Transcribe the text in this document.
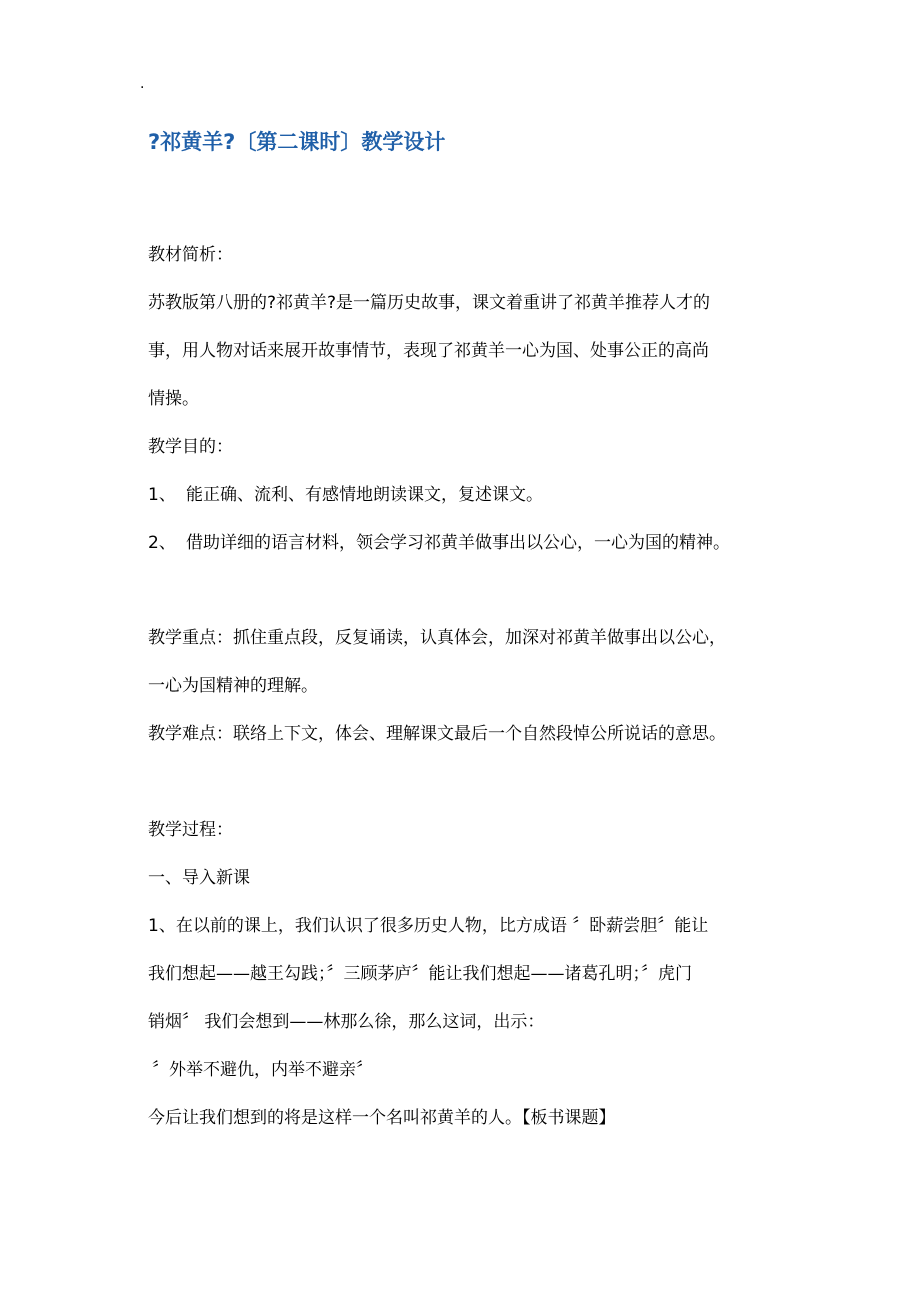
.
?祁黄羊?〔第二课时〕教学设计
教材简析：
苏教版第八册的?祁黄羊?是一篇历史故事，课文着重讲了祁黄羊推荐人才的
事，用人物对话来展开故事情节，表现了祁黄羊一心为国、处事公正的高尚
情操。
教学目的：
1、 能正确、流利、有感情地朗读课文，复述课文。
2、 借助详细的语言材料，领会学习祁黄羊做事出以公心，一心为国的精神。
教学重点：抓住重点段，反复诵读，认真体会，加深对祁黄羊做事出以公心，
一心为国精神的理解。
教学难点：联络上下文，体会、理解课文最后一个自然段悼公所说话的意思。
教学过程：
一、导入新课
1、在以前的课上，我们认识了很多历史人物，比方成语 〞卧薪尝胆〞能让
我们想起——越王勾践；〞三顾茅庐〞能让我们想起——诸葛孔明；〞虎门
销烟〞 我们会想到——林那么徐，那么这词，出示：
〞外举不避仇，内举不避亲〞
今后让我们想到的将是这样一个名叫祁黄羊的人。【板书课题】
